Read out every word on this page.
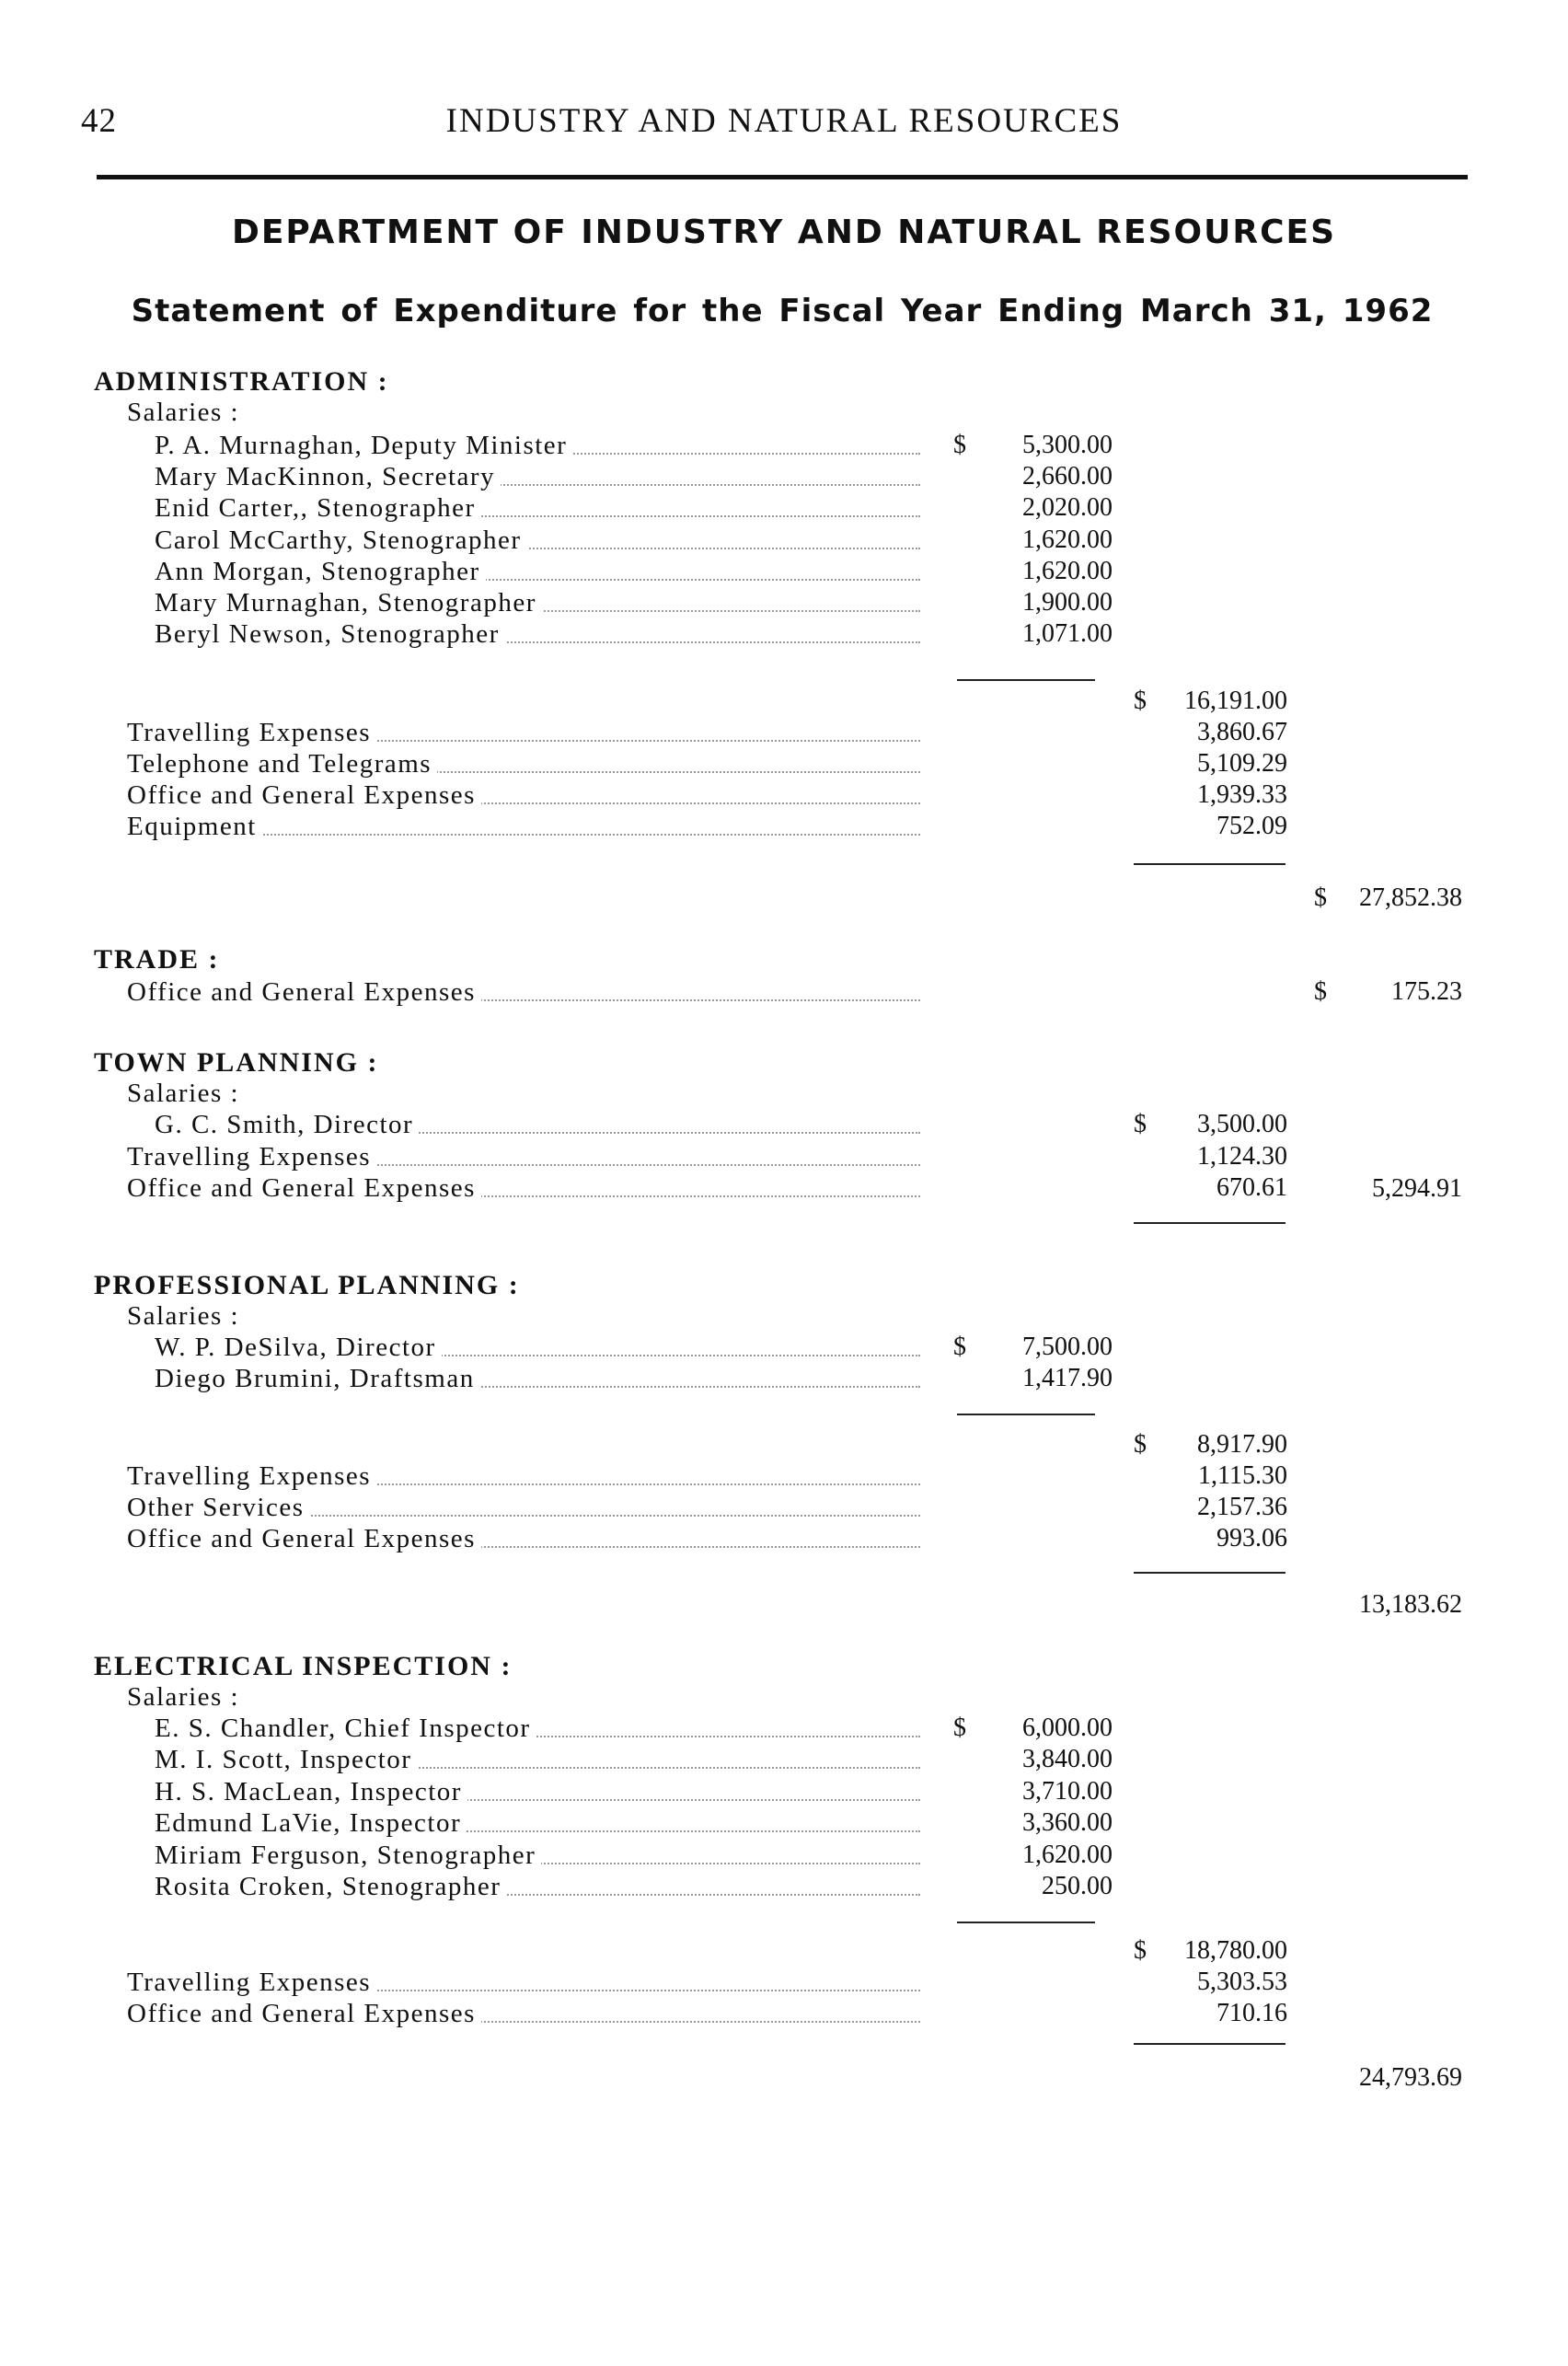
42	INDUSTRY AND NATURAL RESOURCES
DEPARTMENT OF INDUSTRY AND NATURAL RESOURCES
Statement of Expenditure for the Fiscal Year Ending March 31, 1962
ADMINISTRATION :
Salaries :
P. A. Murnaghan, Deputy Minister	$ 5,300.00
Mary MacKinnon, Secretary	2,660.00
Enid Carter,, Stenographer	2,020.00
Carol McCarthy, Stenographer	1,620.00
Ann Morgan, Stenographer	1,620.00
Mary Murnaghan, Stenographer	1,900.00
Beryl Newson, Stenographer	1,071.00
$ 16,191.00
Travelling Expenses	3,860.67
Telephone and Telegrams	5,109.29
Office and General Expenses	1,939.33
Equipment	752.09
$ 27,852.38
TRADE :
Office and General Expenses	$	175.23
TOWN PLANNING :
Salaries :
G. C. Smith, Director	$ 3,500.00
Travelling Expenses	1,124.30
Office and General Expenses	670.61	5,294.91
PROFESSIONAL PLANNING :
Salaries :
W. P. DeSilva, Director	$ 7,500.00
Diego Brumini, Draftsman	1,417.90
$ 8,917.90
Travelling Expenses	1,115.30
Other Services	2,157.36
Office and General Expenses	993.06
13,183.62
ELECTRICAL INSPECTION :
Salaries :
E. S. Chandler, Chief Inspector	$ 6,000.00
M. I. Scott, Inspector	3,840.00
H. S. MacLean, Inspector	3,710.00
Edmund LaVie, Inspector	3,360.00
Miriam Ferguson, Stenographer	1,620.00
Rosita Croken, Stenographer	250.00
$ 18,780.00
Travelling Expenses	5,303.53
Office and General Expenses	710.16
24,793.69
